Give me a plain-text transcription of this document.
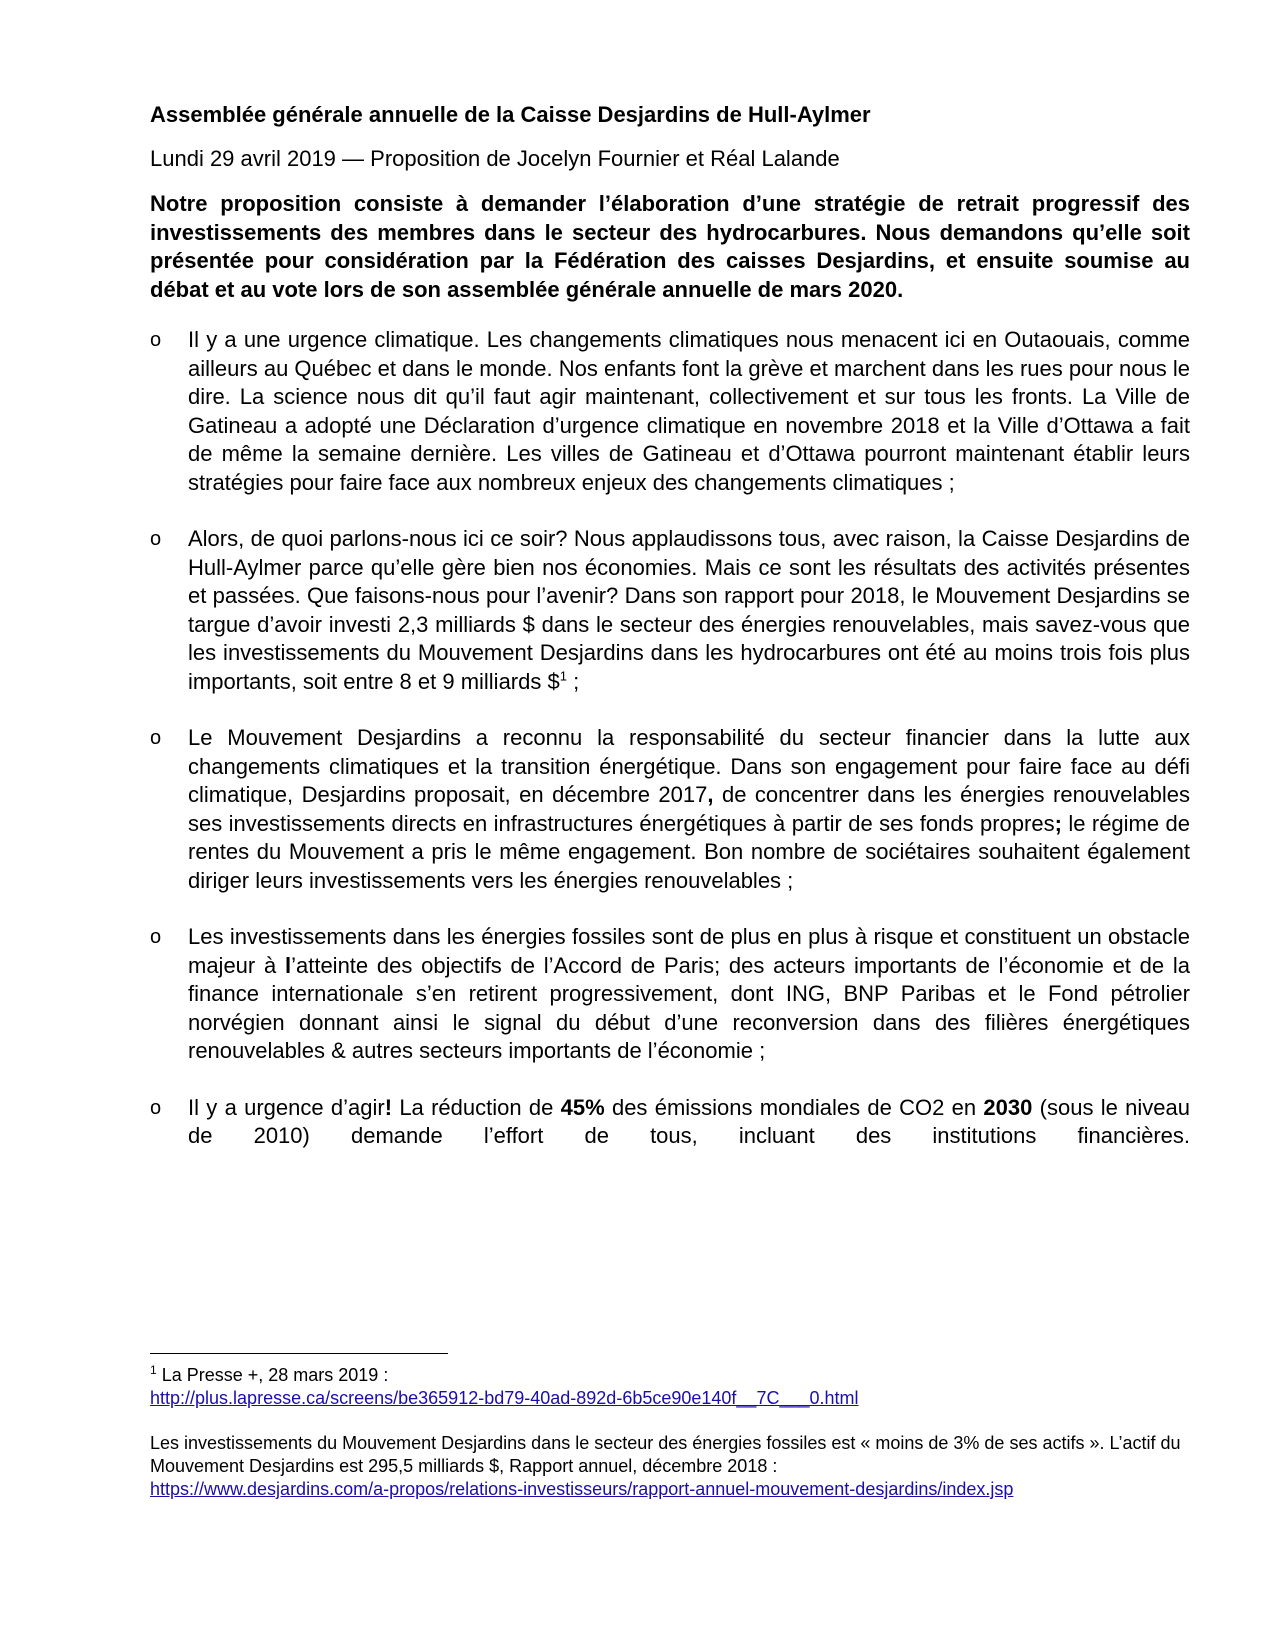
Assemblée générale annuelle de la Caisse Desjardins de Hull-Aylmer

Lundi 29 avril 2019 — Proposition de Jocelyn Fournier et Réal Lalande

Notre proposition consiste à demander l’élaboration d’une stratégie de retrait progressif des investissements des membres dans le secteur des hydrocarbures. Nous demandons qu’elle soit présentée pour considération par la Fédération des caisses Desjardins, et ensuite soumise au débat et au vote lors de son assemblée générale annuelle de mars 2020.

o Il y a une urgence climatique. Les changements climatiques nous menacent ici en Outaouais, comme ailleurs au Québec et dans le monde. Nos enfants font la grève et marchent dans les rues pour nous le dire. La science nous dit qu’il faut agir maintenant, collectivement et sur tous les fronts. La Ville de Gatineau a adopté une Déclaration d’urgence climatique en novembre 2018 et la Ville d’Ottawa a fait de même la semaine dernière. Les villes de Gatineau et d’Ottawa pourront maintenant établir leurs stratégies pour faire face aux nombreux enjeux des changements climatiques ;
o Alors, de quoi parlons-nous ici ce soir? Nous applaudissons tous, avec raison, la Caisse Desjardins de Hull-Aylmer parce qu’elle gère bien nos économies. Mais ce sont les résultats des activités présentes et passées. Que faisons-nous pour l’avenir? Dans son rapport pour 2018, le Mouvement Desjardins se targue d’avoir investi 2,3 milliards $ dans le secteur des énergies renouvelables, mais savez-vous que les investissements du Mouvement Desjardins dans les hydrocarbures ont été au moins trois fois plus importants, soit entre 8 et 9 milliards \$$^1$ ;
o Le Mouvement Desjardins a reconnu la responsabilité du secteur financier dans la lutte aux changements climatiques et la transition énergétique. Dans son engagement pour faire face au défi climatique, Desjardins proposait, en décembre 2017, de concentrer dans les énergies renouvelables ses investissements directs en infrastructures énergétiques à partir de ses fonds propres; le régime de rentes du Mouvement a pris le même engagement. Bon nombre de sociétaires souhaitent également diriger leurs investissements vers les énergies renouvelables ;
o Les investissements dans les énergies fossiles sont de plus en plus à risque et constituent un obstacle majeur à l’atteinte des objectifs de l’Accord de Paris; des acteurs importants de l’économie et de la finance internationale s’en retirent progressivement, dont ING, BNP Paribas et le Fond pétrolier norvégien donnant ainsi le signal du début d’une reconversion dans des filières énergétiques renouvelables & autres secteurs importants de l’économie ;
o Il y a urgence d’agir! La réduction de 45% des émissions mondiales de CO2 en 2030 (sous le niveau de 2010) demande l’effort de tous, incluant des institutions financières.

$^1$ La Presse +, 28 mars 2019 :

http://plus.lapresse.ca/screens/be365912-bd79-40ad-892d-6b5ce90e140f__7C___0.html

Les investissements du Mouvement Desjardins dans le secteur des énergies fossiles est « moins de 3% de ses actifs ». L’actif du Mouvement Desjardins est 295,5 milliards $, Rapport annuel, décembre 2018 :

https://www.desjardins.com/a-propos/relations-investisseurs/rapport-annuel-mouvement-desjardins/index.jsp
